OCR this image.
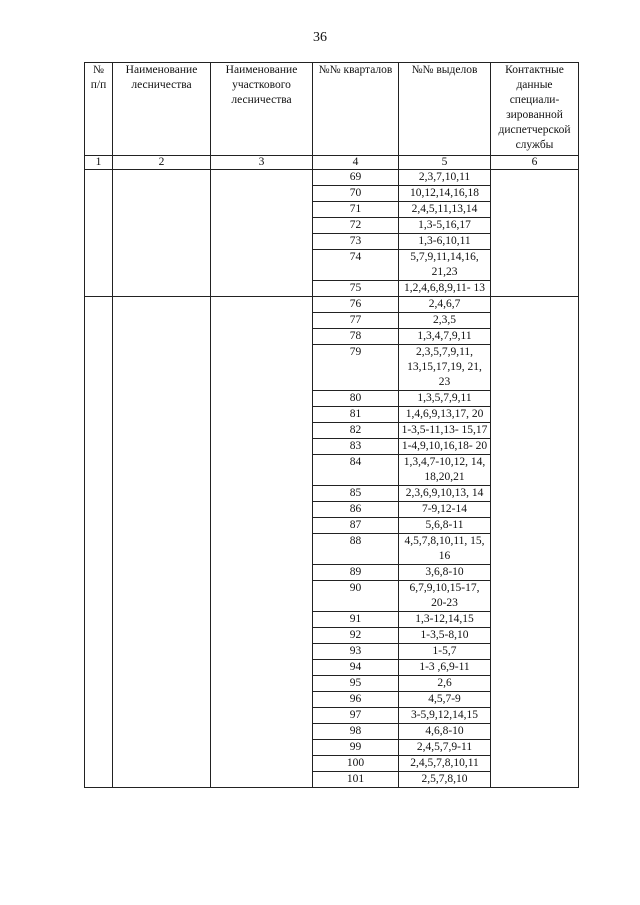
36
№ п/п	Наименование лесничества	Наименование участкового лесничества	№№ кварталов	№№ выделов	Контактные данные специали-зированной диспетчерской службы
1	2	3	4	5	6
			69	2,3,7,10,11	
			70	10,12,14,16,18	
			71	2,4,5,11,13,14	
			72	1,3-5,16,17	
			73	1,3-6,10,11	
			74	5,7,9,11,14,16, 21,23	
			75	1,2,4,6,8,9,11- 13	
			76	2,4,6,7	
			77	2,3,5	
			78	1,3,4,7,9,11	
			79	2,3,5,7,9,11, 13,15,17,19, 21, 23	
			80	1,3,5,7,9,11	
			81	1,4,6,9,13,17, 20	
			82	1-3,5-11,13- 15,17	
			83	1-4,9,10,16,18- 20	
			84	1,3,4,7-10,12, 14, 18,20,21	
			85	2,3,6,9,10,13, 14	
			86	7-9,12-14	
			87	5,6,8-11	
			88	4,5,7,8,10,11, 15, 16	
			89	3,6,8-10	
			90	6,7,9,10,15-17, 20-23	
			91	1,3-12,14,15	
			92	1-3,5-8,10	
			93	1-5,7	
			94	1-3 ,6,9-11	
			95	2,6	
			96	4,5,7-9	
			97	3-5,9,12,14,15	
			98	4,6,8-10	
			99	2,4,5,7,9-11	
			100	2,4,5,7,8,10,11	
			101	2,5,7,8,10	
